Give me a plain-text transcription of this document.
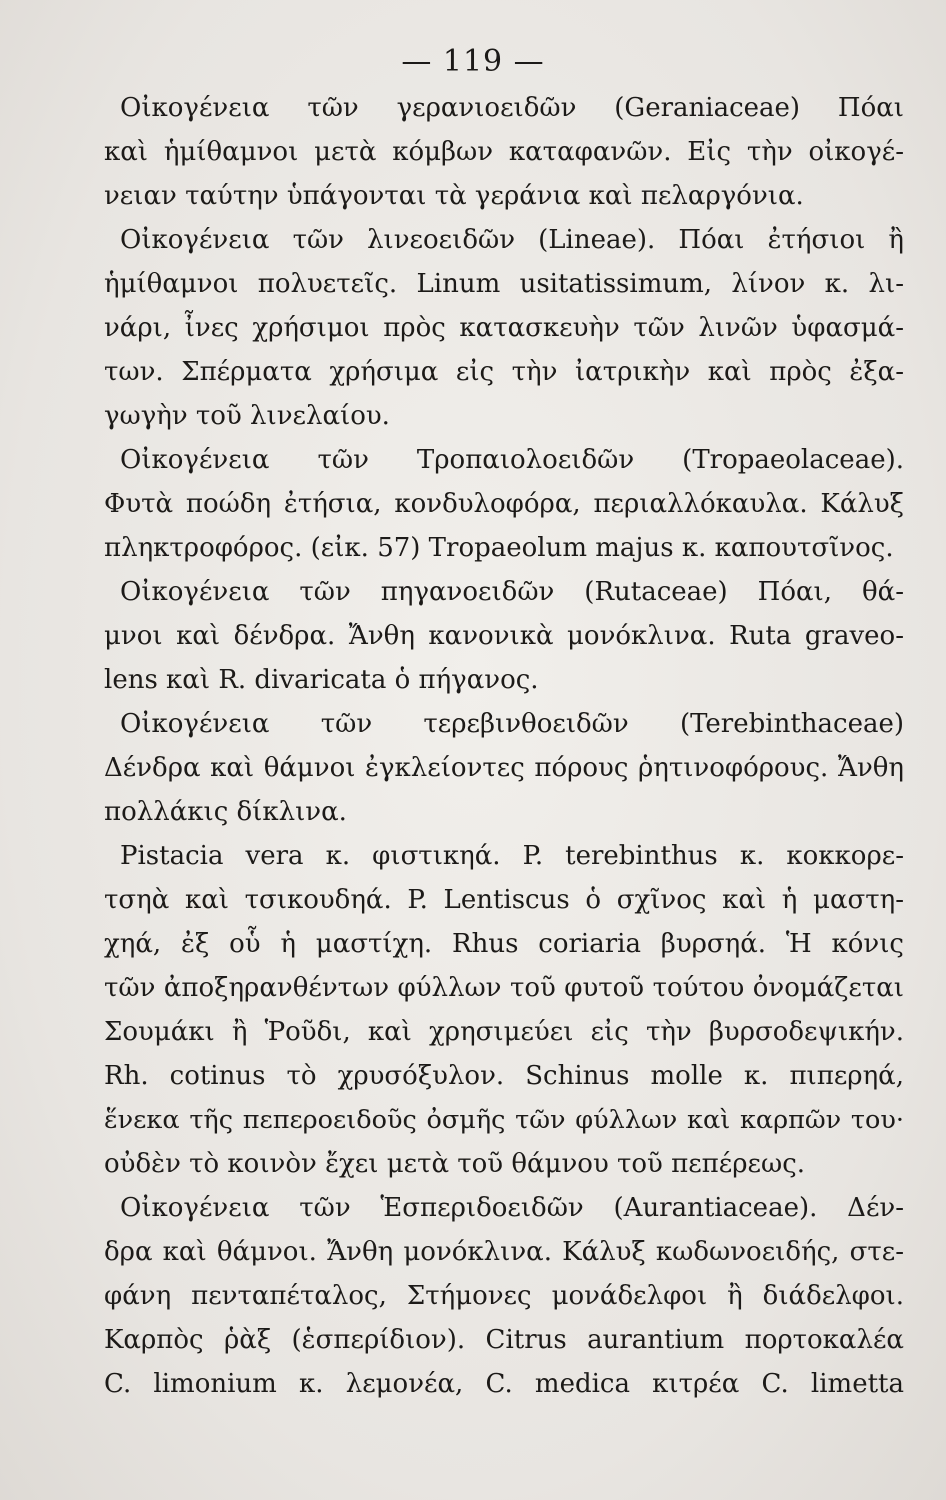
— 119 —
Οἰκογένεια τῶν γερανιοειδῶν (Geraniaceae) Πόαι
καὶ ἡμίθαμνοι μετὰ κόμβων καταφανῶν. Εἰς τὴν οἰκογέ-
νειαν ταύτην ὑπάγονται τὰ γεράνια καὶ πελαργόνια.
Οἰκογένεια τῶν λινεοειδῶν (Lineae). Πόαι ἐτήσιοι ἢ
ἡμίθαμνοι πολυετεῖς. Linum usitatissimum, λίνον κ. λι-
νάρι, ἶνες χρήσιμοι πρὸς κατασκευὴν τῶν λινῶν ὑφασμά-
των. Σπέρματα χρήσιμα εἰς τὴν ἰατρικὴν καὶ πρὸς ἐξα-
γωγὴν τοῦ λινελαίου.
Οἰκογένεια τῶν Τροπαιολοειδῶν (Tropaeolaceae).
Φυτὰ ποώδη ἐτήσια, κονδυλοφόρα, περιαλλόκαυλα. Κάλυξ
πληκτροφόρος. (εἰκ. 57) Tropaeolum majus κ. καπουτσῖνος.
Οἰκογένεια τῶν πηγανοειδῶν (Rutaceae) Πόαι, θά-
μνοι καὶ δένδρα. Ἄνθη κανονικὰ μονόκλινα. Ruta graveo-
lens καὶ R. divaricata ὁ πήγανος.
Οἰκογένεια τῶν τερεβινθοειδῶν (Terebinthaceae)
Δένδρα καὶ θάμνοι ἐγκλείοντες πόρους ῥητινοφόρους. Ἄνθη
πολλάκις δίκλινα.
Pistacia vera κ. φιστικηά. P. terebinthus κ. κοκκορε-
τσηὰ καὶ τσικουδηά. P. Lentiscus ὁ σχῖνος καὶ ἡ μαστη-
χηά, ἐξ οὗ ἡ μαστίχη. Rhus coriaria βυρσηά. Ἡ κόνις
τῶν ἀποξηρανθέντων φύλλων τοῦ φυτοῦ τούτου ὀνομάζεται
Σουμάκι ἢ Ῥοῦδι, καὶ χρησιμεύει εἰς τὴν βυρσοδεψικήν.
Rh. cotinus τὸ χρυσόξυλον. Schinus molle κ. πιπερηά,
ἕνεκα τῆς πεπεροειδοῦς ὀσμῆς τῶν φύλλων καὶ καρπῶν του·
οὐδὲν τὸ κοινὸν ἔχει μετὰ τοῦ θάμνου τοῦ πεπέρεως.
Οἰκογένεια τῶν Ἑσπεριδοειδῶν (Aurantiaceae). Δέν-
δρα καὶ θάμνοι. Ἄνθη μονόκλινα. Κάλυξ κωδωνοειδής, στε-
φάνη πενταπέταλος, Στήμονες μονάδελφοι ἢ διάδελφοι.
Καρπὸς ῥὰξ (ἑσπερίδιον). Citrus aurantium πορτοκαλέα
C. limonium κ. λεμονέα, C. medica κιτρέα C. limetta
